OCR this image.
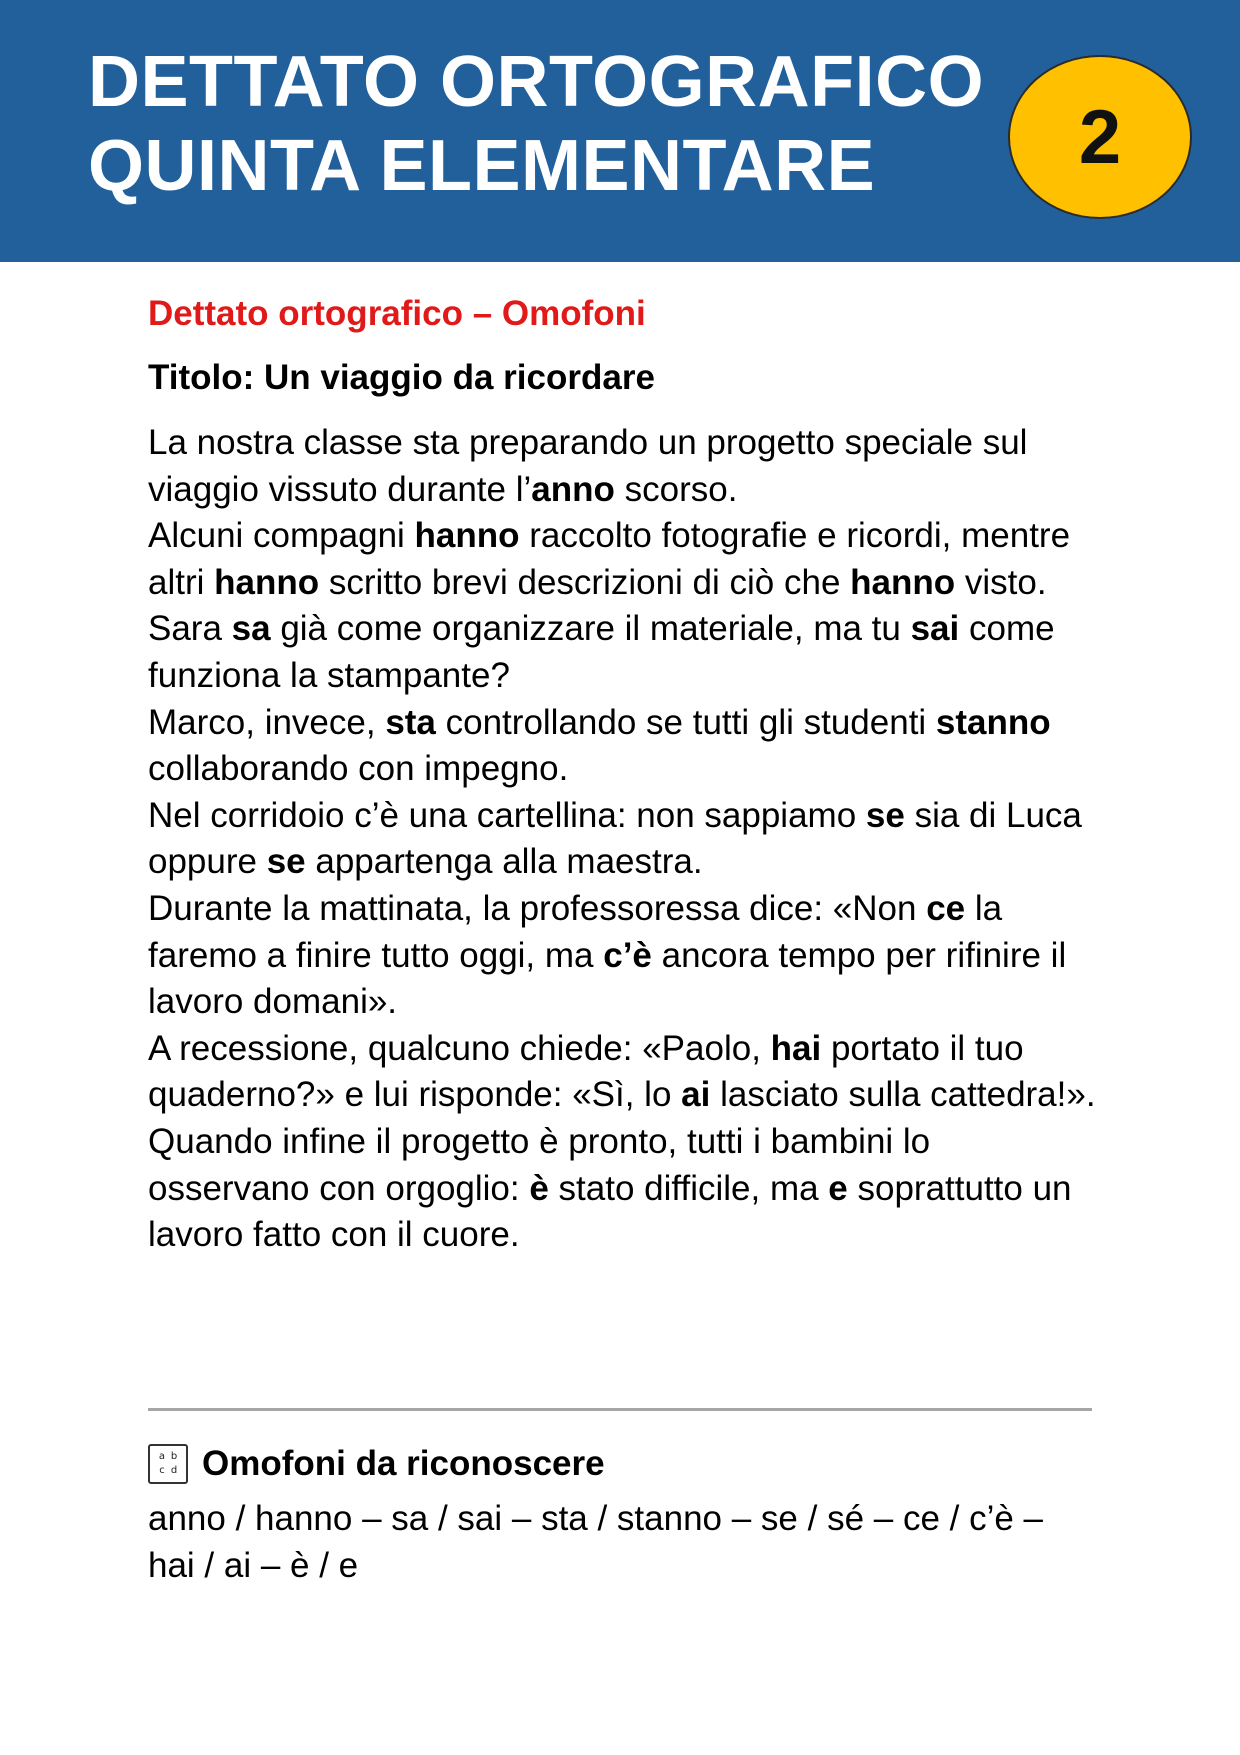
DETTATO ORTOGRAFICO
QUINTA ELEMENTARE	2
Dettato ortografico – Omofoni
Titolo: Un viaggio da ricordare

La nostra classe sta preparando un progetto speciale sul viaggio vissuto durante l’anno scorso.

Alcuni compagni hanno raccolto fotografie e ricordi, mentre altri hanno scritto brevi descrizioni di ciò che hanno visto.

Sara sa già come organizzare il materiale, ma tu sai come funziona la stampante?

Marco, invece, sta controllando se tutti gli studenti stanno collaborando con impegno.

Nel corridoio c’è una cartellina: non sappiamo se sia di Luca oppure se appartenga alla maestra.

Durante la mattinata, la professoressa dice: «Non ce la faremo a finire tutto oggi, ma c’è ancora tempo per rifinire il lavoro domani».

A recessione, qualcuno chiede: «Paolo, hai portato il tuo quaderno?» e lui risponde: «Sì, lo ai lasciato sulla cattedra!».

Quando infine il progetto è pronto, tutti i bambini lo osservano con orgoglio: è stato difficile, ma e soprattutto un lavoro fatto con il cuore.

a b
c d Omofoni da riconoscere

anno / hanno – sa / sai – sta / stanno – se / sé – ce / c’è – hai / ai – è / e
